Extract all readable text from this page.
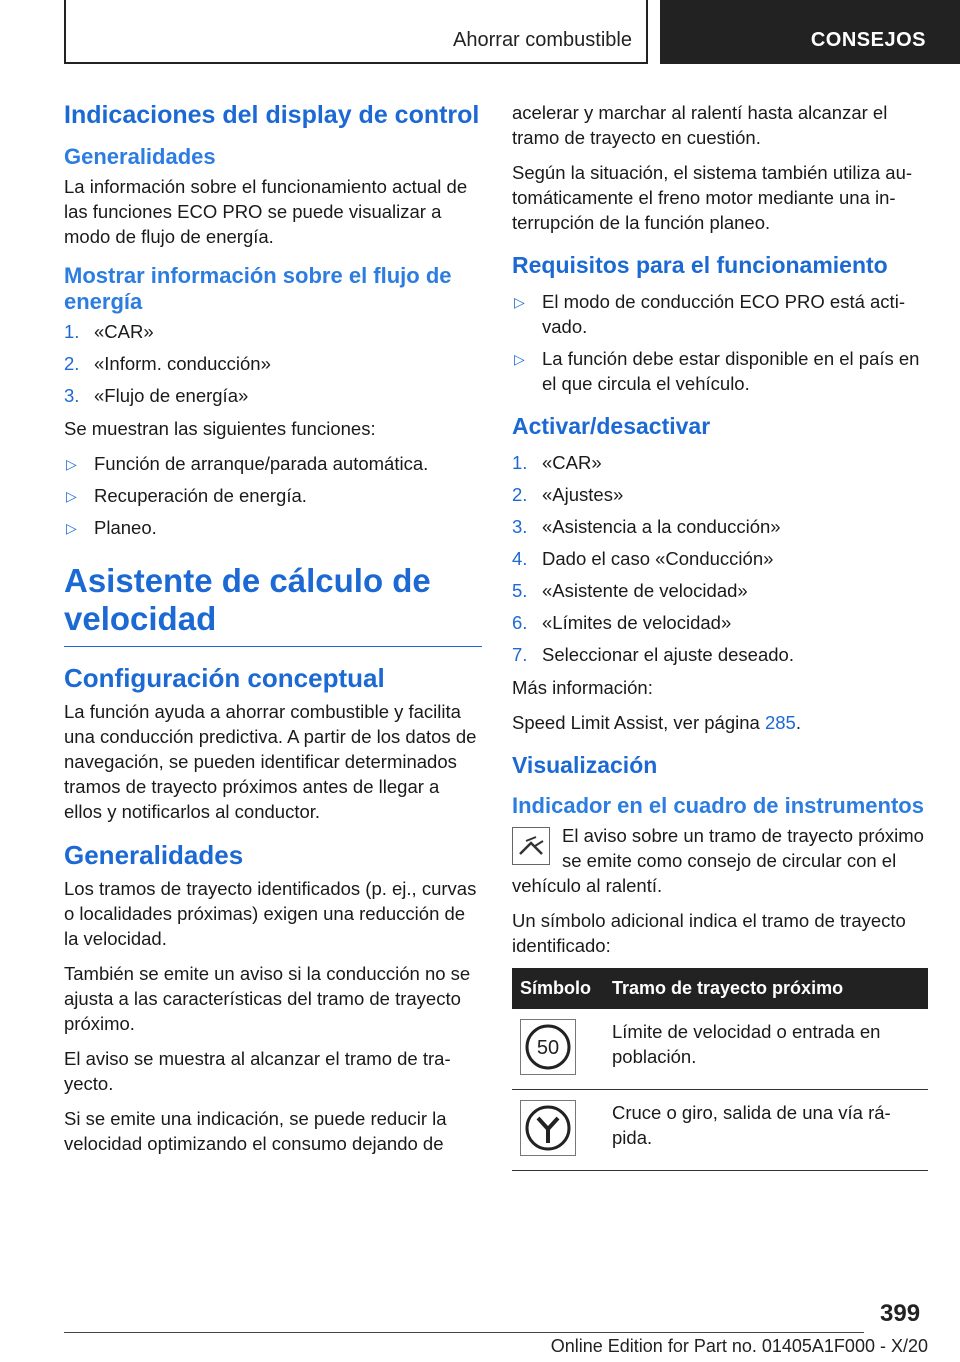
Ahorrar combustible	CONSEJOS
Indicaciones del display de control
Generalidades

La información sobre el funcionamiento actual de las funciones ECO PRO se puede visualizar a modo de flujo de energía.

Mostrar información sobre el flujo de energía
1. «CAR»
2. «Inform. conducción»
3. «Flujo de energía»

Se muestran las siguientes funciones:

▷ Función de arranque/parada automática.
▷ Recuperación de energía.
▷ Planeo.
Asistente de cálculo de velocidad
Configuración conceptual

La función ayuda a ahorrar combustible y facilita una conducción predictiva. A partir de los datos de navegación, se pueden identificar determinados tramos de trayecto próximos antes de llegar a ellos y notificarlos al conductor.

Generalidades

Los tramos de trayecto identificados (p. ej., curvas o localidades próximas) exigen una reducción de la velocidad.

También se emite un aviso si la conducción no se ajusta a las características del tramo de trayecto próximo.

El aviso se muestra al alcanzar el tramo de trayecto.

Si se emite una indicación, se puede reducir la velocidad optimizando el consumo dejando de

acelerar y marchar al ralentí hasta alcanzar el tramo de trayecto en cuestión.

Según la situación, el sistema también utiliza automáticamente el freno motor mediante una interrupción de la función planeo.

Requisitos para el funcionamiento
▷ El modo de conducción ECO PRO está activado.
▷ La función debe estar disponible en el país en el que circula el vehículo.
Activar/desactivar
1. «CAR»
2. «Ajustes»
3. «Asistencia a la conducción»
4. Dado el caso «Conducción»
5. «Asistente de velocidad»
6. «Límites de velocidad»
7. Seleccionar el ajuste deseado.

Más información:

Speed Limit Assist, ver página 285.

Visualización
Indicador en el cuadro de instrumentos

El aviso sobre un tramo de trayecto próximo se emite como consejo de circular con el vehículo al ralentí.

Un símbolo adicional indica el tramo de trayecto identificado:

Símbolo	Tramo de trayecto próximo

50	Límite de velocidad o entrada en población.

	Cruce o giro, salida de una vía rápida.
399
Online Edition for Part no. 01405A1F000 - X/20
